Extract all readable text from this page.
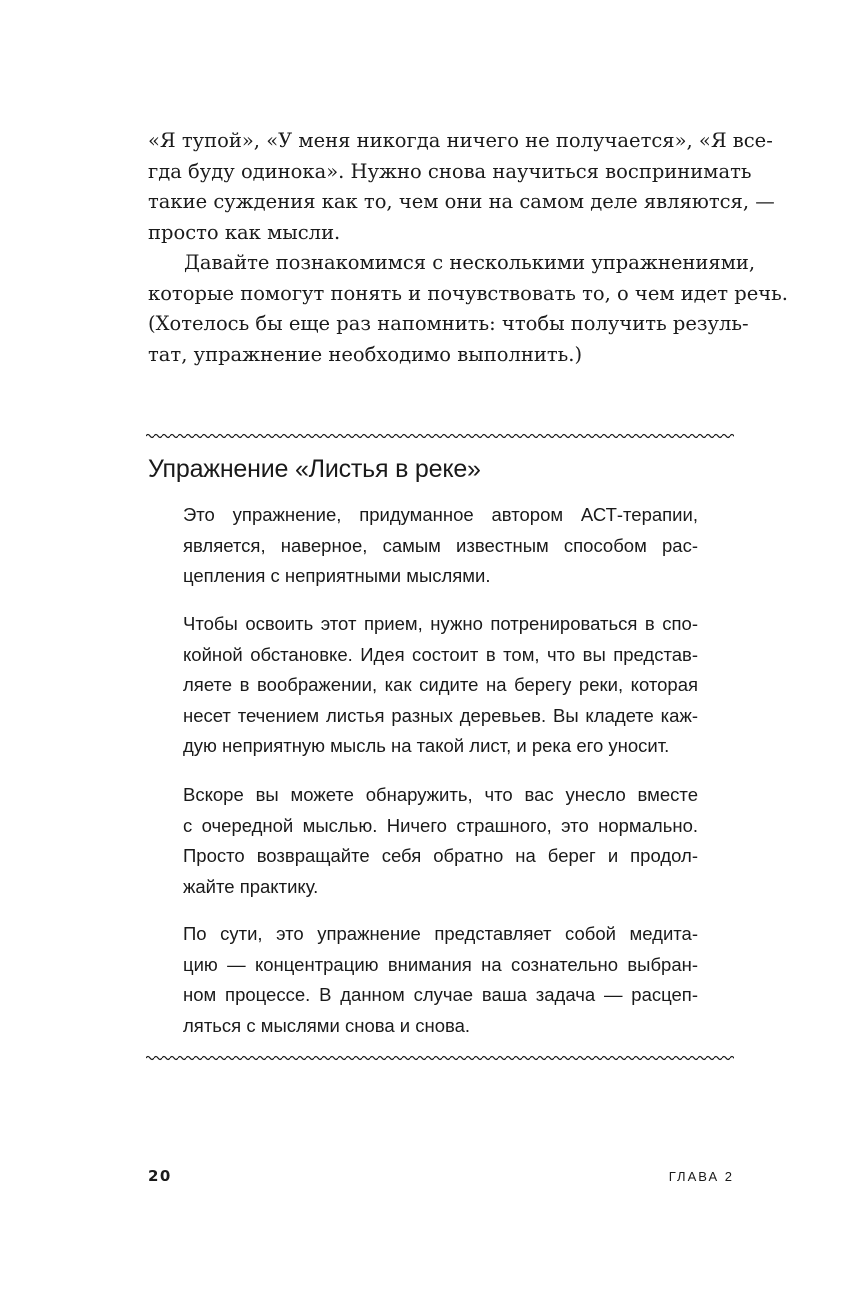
«Я тупой», «У меня никогда ничего не получается», «Я все-
гда буду одинока». Нужно снова научиться воспринимать
такие суждения как то, чем они на самом деле являются, —
просто как мысли.

Давайте познакомимся с несколькими упражнениями,
которые помогут понять и почувствовать то, о чем идет речь.
(Хотелось бы еще раз напомнить: чтобы получить резуль-
тат, упражнение необходимо выполнить.)

Упражнение «Листья в реке»
Это упражнение, придуманное автором АСТ-терапии,
является, наверное, самым известным способом рас-
цепления с неприятными мыслями.
Чтобы освоить этот прием, нужно потренироваться в спо-
койной обстановке. Идея состоит в том, что вы представ-
ляете в воображении, как сидите на берегу реки, которая
несет течением листья разных деревьев. Вы кладете каж-
дую неприятную мысль на такой лист, и река его уносит.
Вскоре вы можете обнаружить, что вас унесло вместе
с очередной мыслью. Ничего страшного, это нормально.
Просто возвращайте себя обратно на берег и продол-
жайте практику.
По сути, это упражнение представляет собой медита-
цию — концентрацию внимания на сознательно выбран-
ном процессе. В данном случае ваша задача — расцеп-
ляться с мыслями снова и снова.
20	ГЛАВА 2
